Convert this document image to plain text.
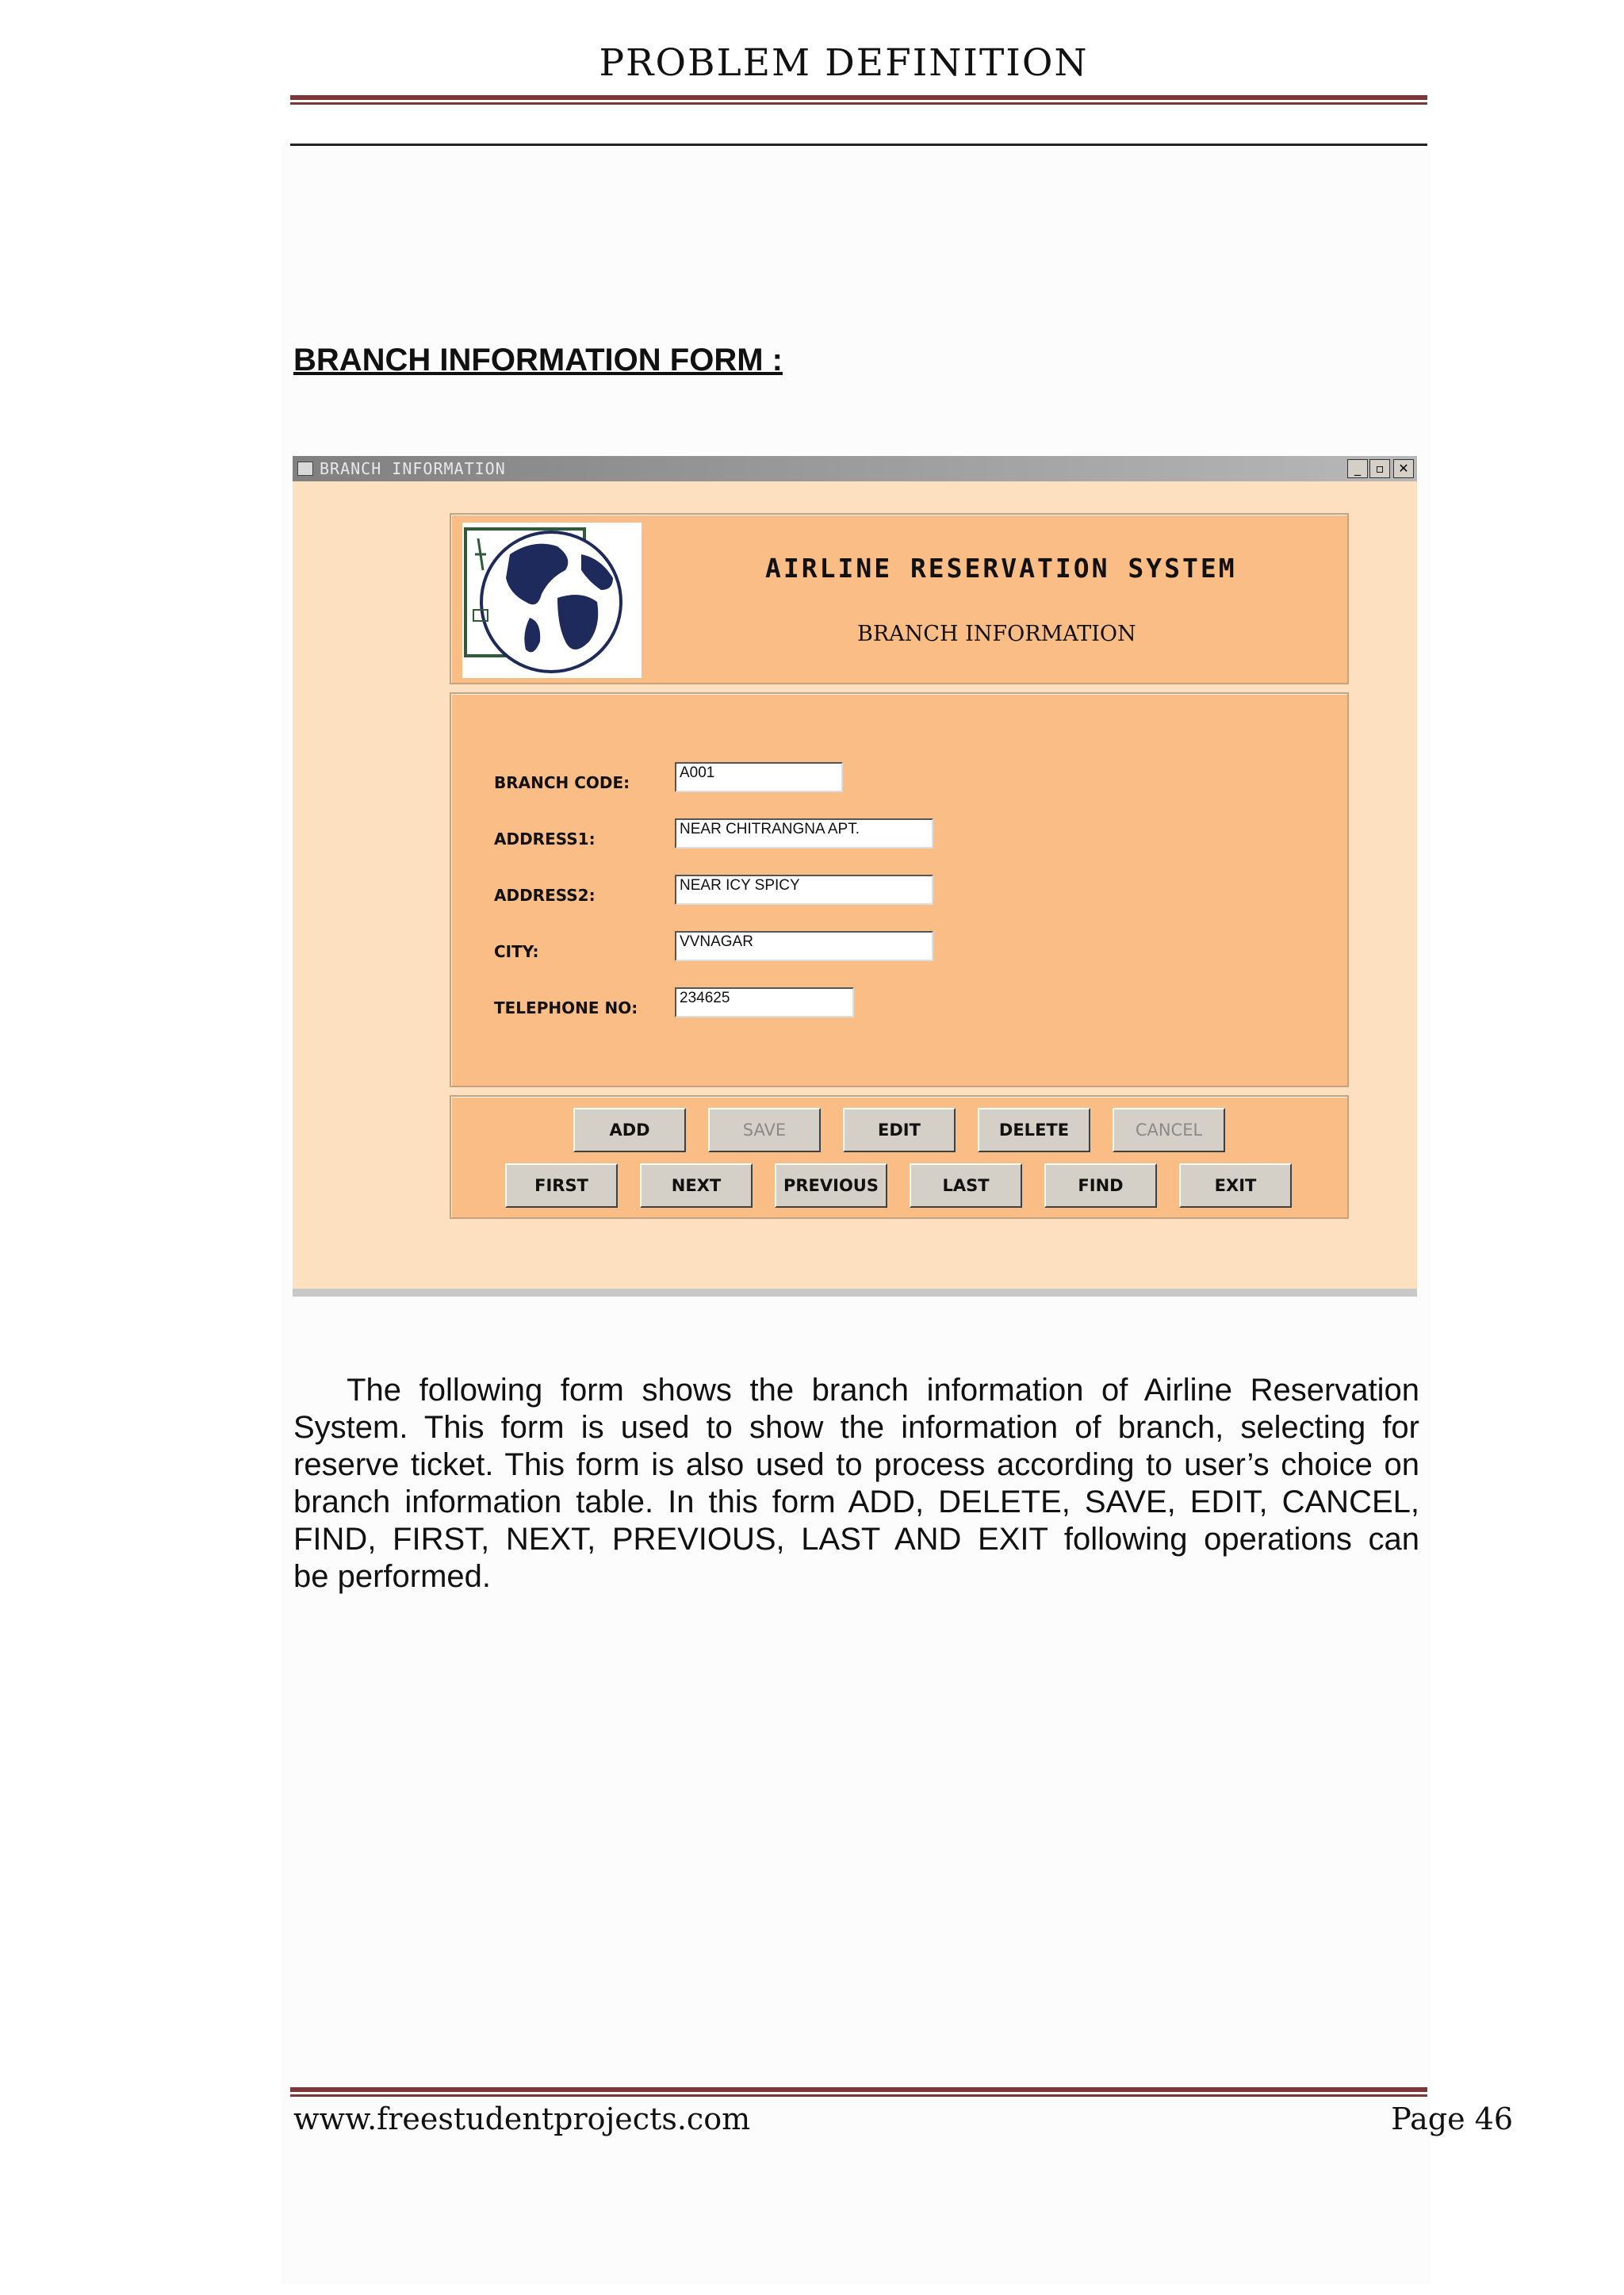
PROBLEM DEFINITION
BRANCH INFORMATION FORM :
BRANCH INFORMATION	_	▫	✕
AIRLINE RESERVATION SYSTEM
BRANCH INFORMATION
BRANCH CODE:
A001
ADDRESS1:
NEAR CHITRANGNA APT.
ADDRESS2:
NEAR ICY SPICY
CITY:
VVNAGAR
TELEPHONE NO:
234625
ADD	SAVE	EDIT	DELETE	CANCEL
FIRST	NEXT	PREVIOUS	LAST	FIND	EXIT
The following form shows the branch information of Airline Reservation
System. This form is used to show the information of branch, selecting for
reserve ticket. This form is also used to process according to user’s choice on
branch information table. In this form ADD, DELETE, SAVE, EDIT, CANCEL,
FIND, FIRST, NEXT, PREVIOUS, LAST AND EXIT following operations can
be performed.
www.freestudentprojects.com	Page 46
